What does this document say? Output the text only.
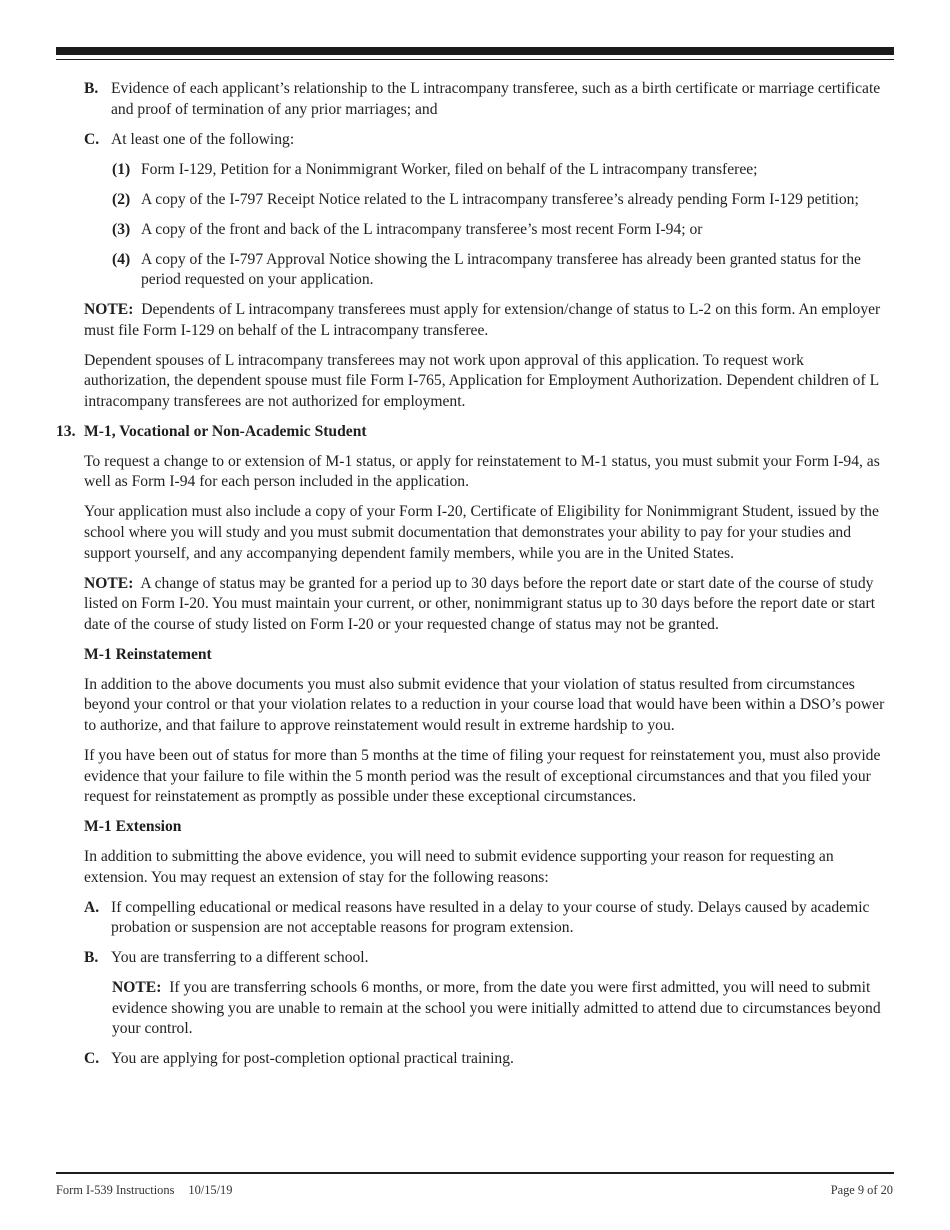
B. Evidence of each applicant’s relationship to the L intracompany transferee, such as a birth certificate or marriage certificate and proof of termination of any prior marriages; and
C. At least one of the following:
(1) Form I-129, Petition for a Nonimmigrant Worker, filed on behalf of the L intracompany transferee;
(2) A copy of the I-797 Receipt Notice related to the L intracompany transferee’s already pending Form I-129 petition;
(3) A copy of the front and back of the L intracompany transferee’s most recent Form I-94; or
(4) A copy of the I-797 Approval Notice showing the L intracompany transferee has already been granted status for the period requested on your application.

NOTE: Dependents of L intracompany transferees must apply for extension/change of status to L-2 on this form. An employer must file Form I-129 on behalf of the L intracompany transferee.

Dependent spouses of L intracompany transferees may not work upon approval of this application. To request work authorization, the dependent spouse must file Form I-765, Application for Employment Authorization. Dependent children of L intracompany transferees are not authorized for employment.

13. M-1, Vocational or Non-Academic Student

To request a change to or extension of M-1 status, or apply for reinstatement to M-1 status, you must submit your Form I-94, as well as Form I-94 for each person included in the application.

Your application must also include a copy of your Form I-20, Certificate of Eligibility for Nonimmigrant Student, issued by the school where you will study and you must submit documentation that demonstrates your ability to pay for your studies and support yourself, and any accompanying dependent family members, while you are in the United States.

NOTE: A change of status may be granted for a period up to 30 days before the report date or start date of the course of study listed on Form I-20. You must maintain your current, or other, nonimmigrant status up to 30 days before the report date or start date of the course of study listed on Form I-20 or your requested change of status may not be granted.

M-1 Reinstatement

In addition to the above documents you must also submit evidence that your violation of status resulted from circumstances beyond your control or that your violation relates to a reduction in your course load that would have been within a DSO’s power to authorize, and that failure to approve reinstatement would result in extreme hardship to you.

If you have been out of status for more than 5 months at the time of filing your request for reinstatement you, must also provide evidence that your failure to file within the 5 month period was the result of exceptional circumstances and that you filed your request for reinstatement as promptly as possible under these exceptional circumstances.

M-1 Extension

In addition to submitting the above evidence, you will need to submit evidence supporting your reason for requesting an extension. You may request an extension of stay for the following reasons:

A. If compelling educational or medical reasons have resulted in a delay to your course of study. Delays caused by academic probation or suspension are not acceptable reasons for program extension.
B. You are transferring to a different school.

NOTE: If you are transferring schools 6 months, or more, from the date you were first admitted, you will need to submit evidence showing you are unable to remain at the school you were initially admitted to attend due to circumstances beyond your control.

C. You are applying for post-completion optional practical training.
Form I-539 Instructions 10/15/19	Page 9 of 20
